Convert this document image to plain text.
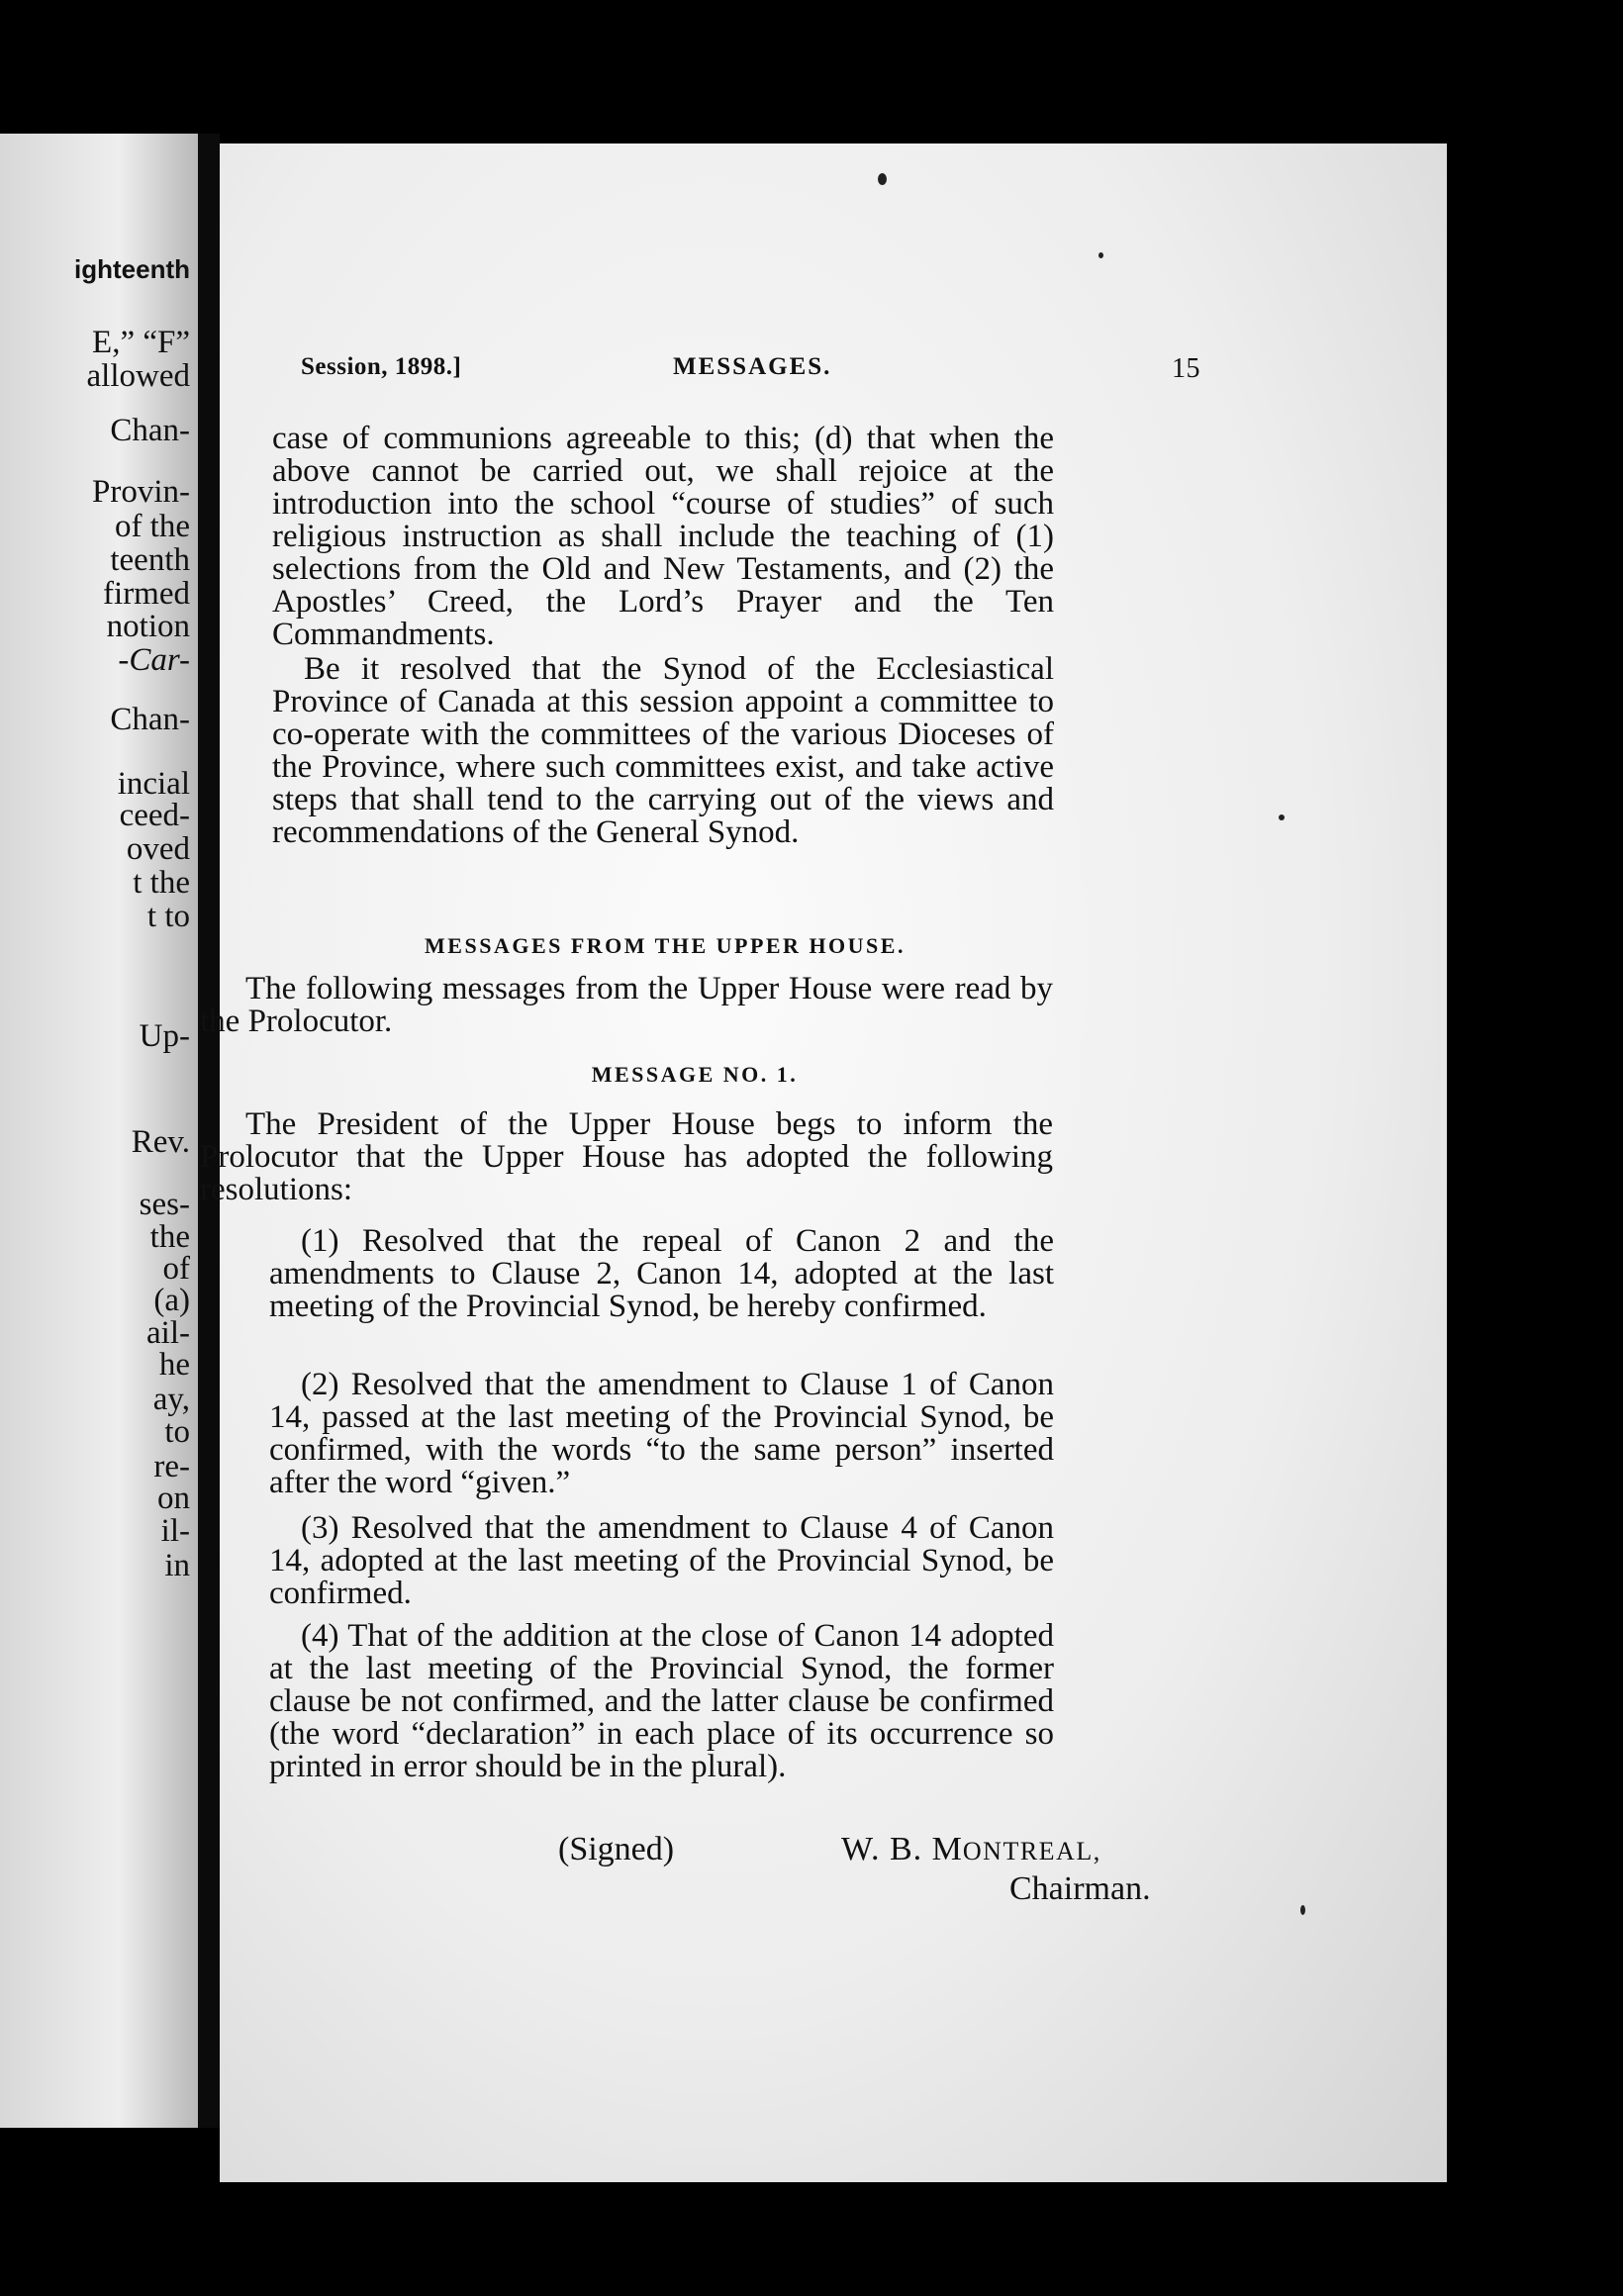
ighteenth
E,” “F”
allowed
Chan-
Provin-
of the
teenth
firmed
notion
-Car-
Chan-
incial
ceed-
oved
t the
t to
Up-
Rev.
ses-
the
of
(a)
ail-
he
ay,
to
re-
on
il-
in
Session, 1898.]	MESSAGES.	15
case of communions agreeable to this; (d) that when the above cannot be carried out, we shall rejoice at the introduction into the school “course of studies” of such religious instruction as shall include the teaching of (1) selections from the Old and New Testaments, and (2) the Apostles’ Creed, the Lord’s Prayer and the Ten Commandments.
Be it resolved that the Synod of the Ecclesiastical Province of Canada at this session appoint a committee to co-operate with the committees of the various Dioceses of the Province, where such committees exist, and take active steps that shall tend to the carrying out of the views and recommendations of the General Synod.
MESSAGES FROM THE UPPER HOUSE.
The following messages from the Upper House were read by the Prolocutor.
MESSAGE NO. 1.
The President of the Upper House begs to inform the Prolocutor that the Upper House has adopted the following resolutions:
(1) Resolved that the repeal of Canon 2 and the amendments to Clause 2, Canon 14, adopted at the last meeting of the Provincial Synod, be hereby confirmed.
(2) Resolved that the amendment to Clause 1 of Canon 14, passed at the last meeting of the Provincial Synod, be confirmed, with the words “to the same person” inserted after the word “given.”
(3) Resolved that the amendment to Clause 4 of Canon 14, adopted at the last meeting of the Provincial Synod, be confirmed.
(4) That of the addition at the close of Canon 14 adopted at the last meeting of the Provincial Synod, the former clause be not confirmed, and the latter clause be confirmed (the word “declaration” in each place of its occurrence so printed in error should be in the plural).
(Signed)	W. B. MONTREAL,
Chairman.
